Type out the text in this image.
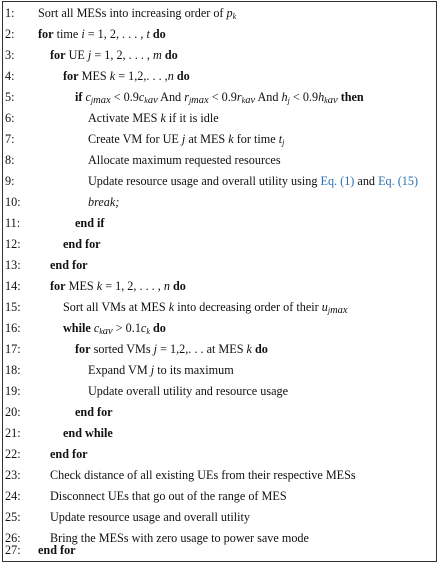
1:	Sort all MESs into increasing order of $p_k$
2:	for time i = 1, 2, . . . , t do
3:	for UE j = 1, 2, . . . , m do
4:	for MES k = 1,2,. . . ,n do
5:	if $c_{jmax} < 0.9c_{kav}$ And $r_{jmax} < 0.9r_{kav}$ And $h_j < 0.9h_{kav}$ then
6:	Activate MES k if it is idle
7:	Create VM for UE j at MES k for time $t_j$
8:	Allocate maximum requested resources
9:	Update resource usage and overall utility using Eq. (1) and Eq. (15)
10:	break;
11:	end if
12:	end for
13:	end for
14:	for MES k = 1, 2, . . . , n do
15:	Sort all VMs at MES k into decreasing order of their $u_{jmax}$
16:	while $c_{kav} > 0.1c_k$ do
17:	for sorted VMs j = 1,2,. . . at MES k do
18:	Expand VM j to its maximum
19:	Update overall utility and resource usage
20:	end for
21:	end while
22:	end for
23:	Check distance of all existing UEs from their respective MESs
24:	Disconnect UEs that go out of the range of MES
25:	Update resource usage and overall utility
26:	Bring the MESs with zero usage to power save mode
27:	end for
